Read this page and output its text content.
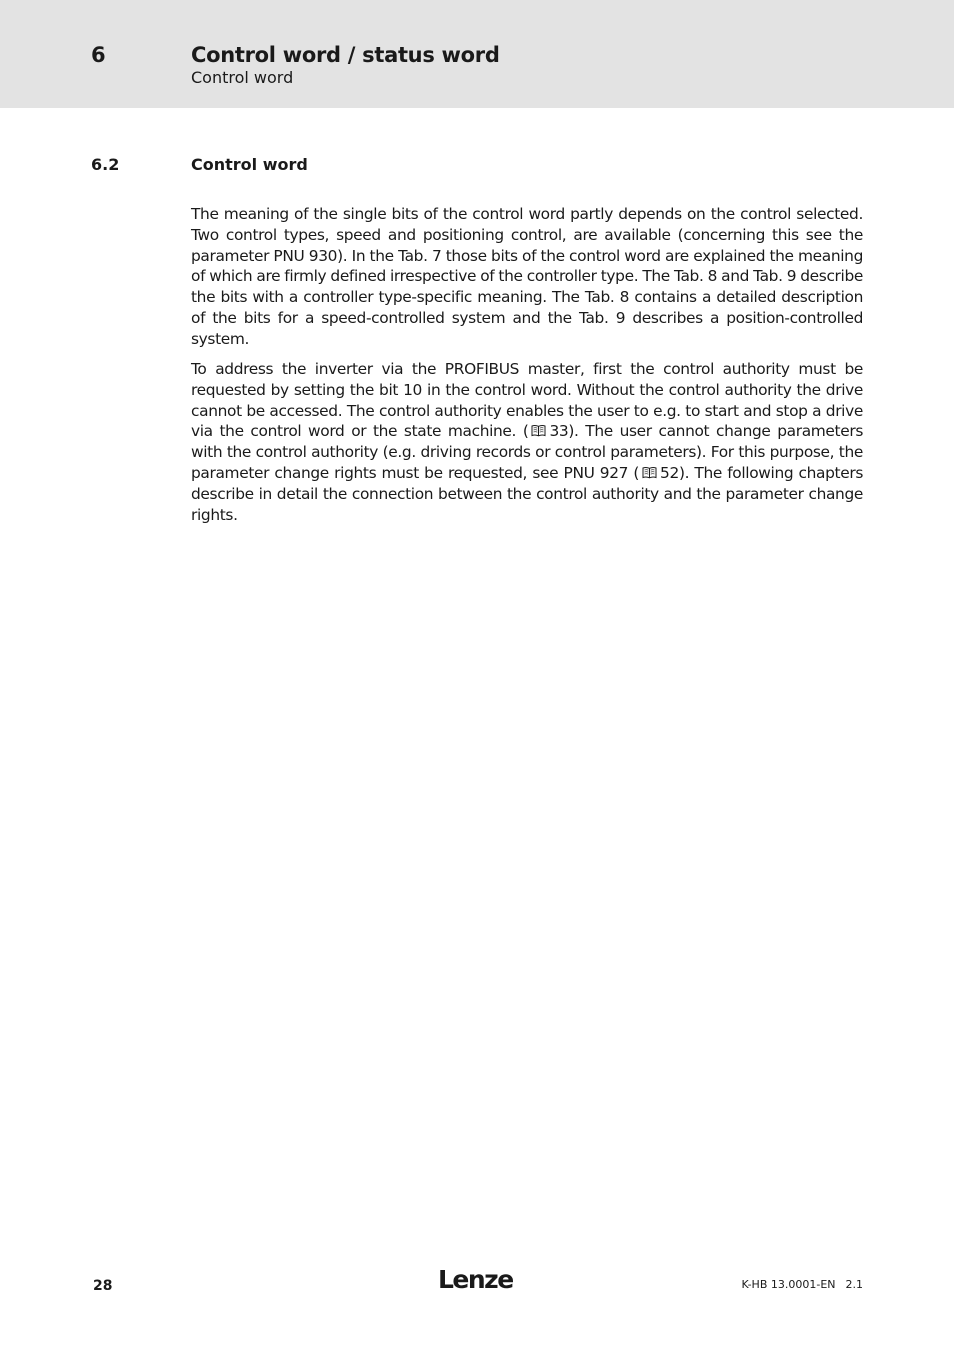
6	Control word / status word
Control word
6.2	Control word

The meaning of the single bits of the control word partly depends on the control selected. Two control types, speed and positioning control, are available (concerning this see the parameter PNU 930). In the Tab. 7 those bits of the control word are explained the meaning of which are firmly defined irrespective of the controller type. The Tab. 8 and Tab. 9 describe the bits with a controller type-specific meaning. The Tab. 8 contains a detailed description of the bits for a speed-controlled system and the Tab. 9 describes a position-controlled system.

To address the inverter via the PROFIBUS master, first the control authority must be requested by setting the bit 10 in the control word. Without the control authority the drive cannot be accessed. The control authority enables the user to e.g. to start and stop a drive via the control word or the state machine. ( 33). The user cannot change parameters with the control authority (e.g. driving records or control parameters). For this purpose, the parameter change rights must be requested, see PNU 927 ( 52). The following chapters describe in detail the connection between the control authority and the parameter change rights.

28	Lenze	K-HB 13.0001-EN 2.1
